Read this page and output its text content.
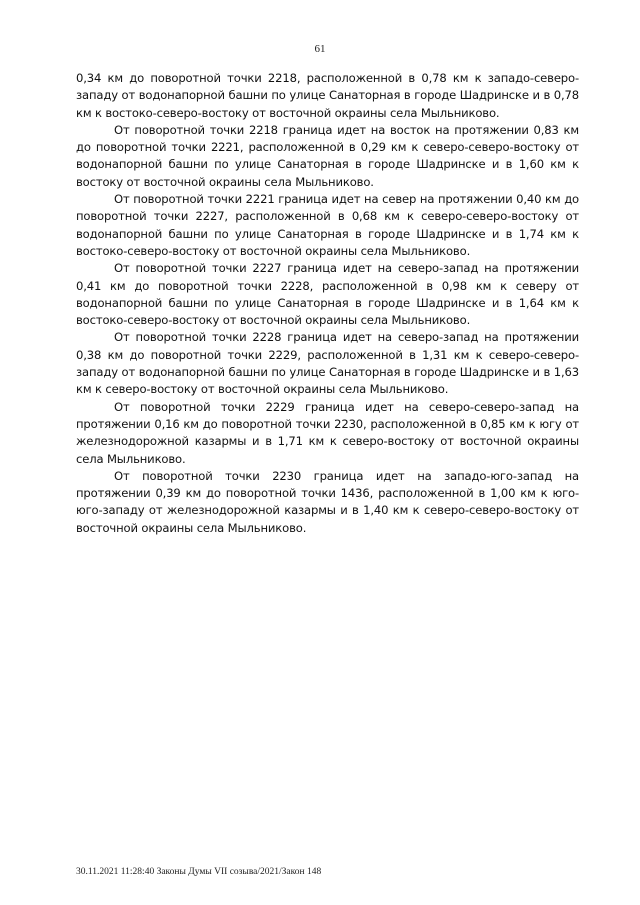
61

0,34 км до поворотной точки 2218, расположенной в 0,78 км к западо-северо-западу от водонапорной башни по улице Санаторная в городе Шадринске и в 0,78 км к востоко-северо-востоку от восточной окраины села Мыльниково.

От поворотной точки 2218 граница идет на восток на протяжении 0,83 км до поворотной точки 2221, расположенной в 0,29 км к северо-северо-востоку от водонапорной башни по улице Санаторная в городе Шадринске и в 1,60 км к востоку от восточной окраины села Мыльниково.

От поворотной точки 2221 граница идет на север на протяжении 0,40 км до поворотной точки 2227, расположенной в 0,68 км к северо-северо-востоку от водонапорной башни по улице Санаторная в городе Шадринске и в 1,74 км к востоко-северо-востоку от восточной окраины села Мыльниково.

От поворотной точки 2227 граница идет на северо-запад на протяжении 0,41 км до поворотной точки 2228, расположенной в 0,98 км к северу от водонапорной башни по улице Санаторная в городе Шадринске и в 1,64 км к востоко-северо-востоку от восточной окраины села Мыльниково.

От поворотной точки 2228 граница идет на северо-запад на протяжении 0,38 км до поворотной точки 2229, расположенной в 1,31 км к северо-северо-западу от водонапорной башни по улице Санаторная в городе Шадринске и в 1,63 км к северо-востоку от восточной окраины села Мыльниково.

От поворотной точки 2229 граница идет на северо-северо-запад на протяжении 0,16 км до поворотной точки 2230, расположенной в 0,85 км к югу от железнодорожной казармы и в 1,71 км к северо-востоку от восточной окраины села Мыльниково.

От поворотной точки 2230 граница идет на западо-юго-запад на протяжении 0,39 км до поворотной точки 1436, расположенной в 1,00 км к юго-юго-западу от железнодорожной казармы и в 1,40 км к северо-северо-востоку от восточной окраины села Мыльниково.

30.11.2021 11:28:40 Законы Думы VII созыва/2021/Закон 148
